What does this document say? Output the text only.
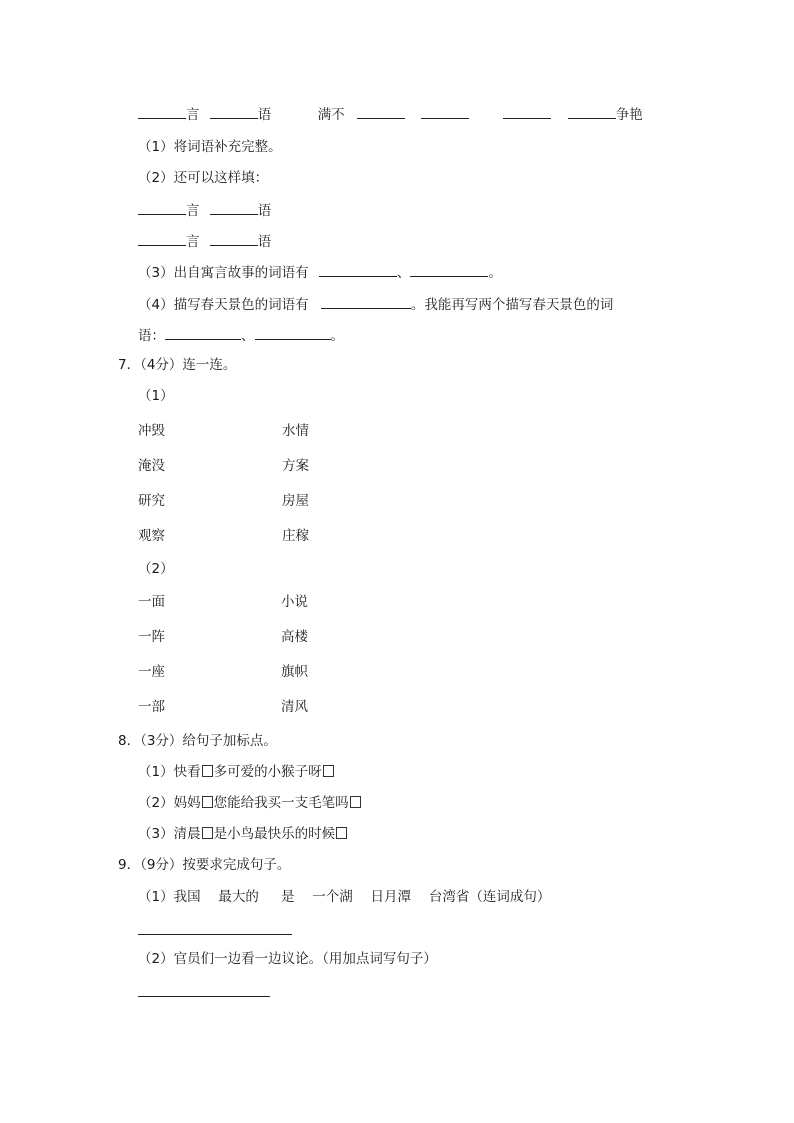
言	语	满不	争艳
（1）将词语补充完整。
（2）还可以这样填：
言	语
言	语
（3）出自寓言故事的词语有	、	。
（4）描写春天景色的词语有	。我能再写两个描写春天景色的词
语：	、	。
7．（4分）连一连。
（1）
冲毁	水情
淹没	方案
研究	房屋
观察	庄稼
（2）
一面	小说
一阵	高楼
一座	旗帜
一部	清风
8．（3分）给句子加标点。
（1）快看 多可爱的小猴子呀
（2）妈妈 您能给我买一支毛笔吗
（3）清晨 是小鸟最快乐的时候
9．（9分）按要求完成句子。
（1）我国　 最大的 　 是　 一个湖　 日月潭　 台湾省（连词成句）
（2）官员们一边看一边议论。（用加点词写句子）
